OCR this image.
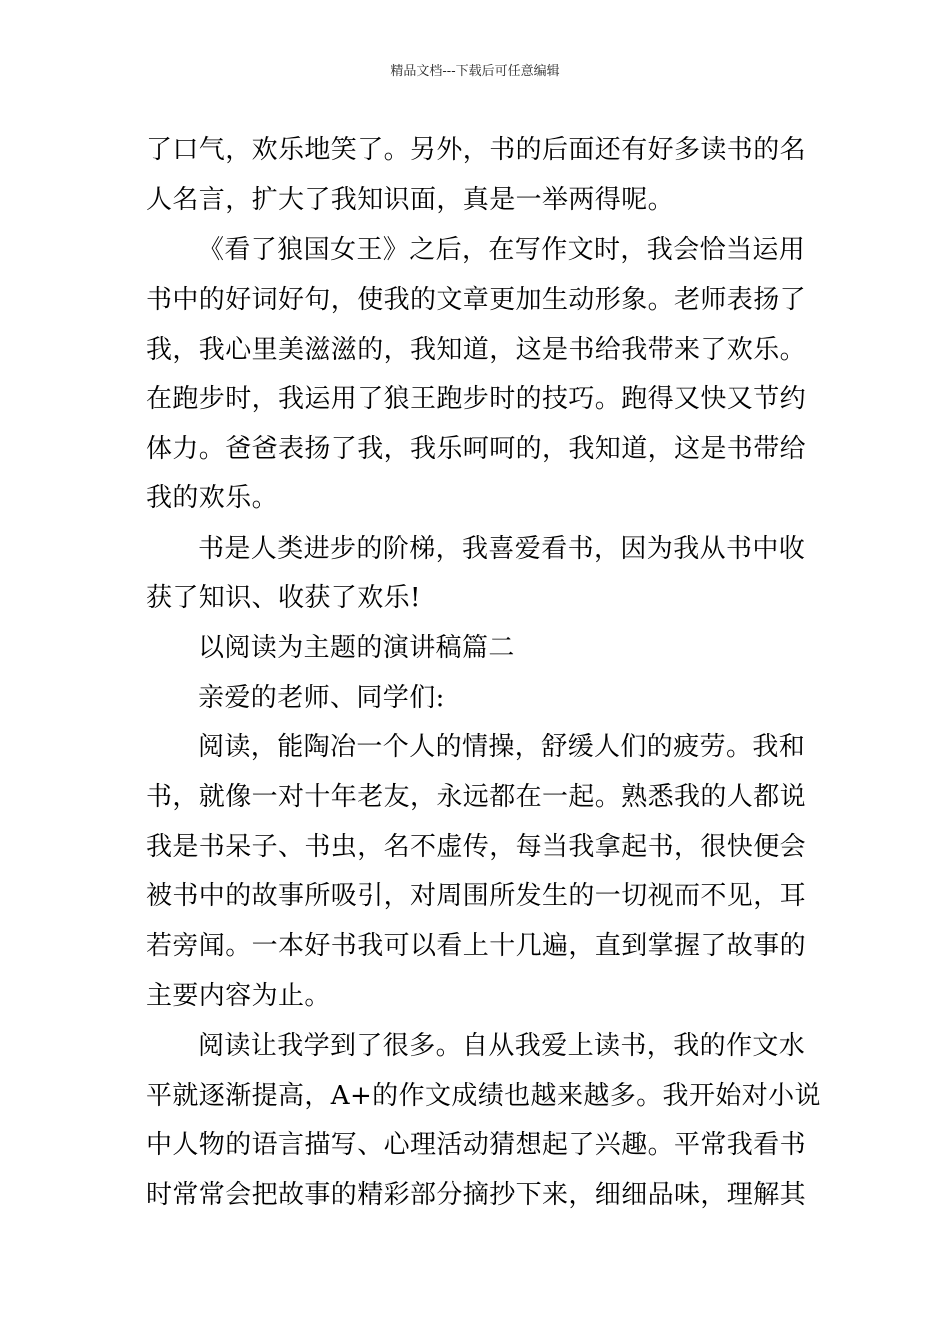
精品文档---下载后可任意编辑
了口气，欢乐地笑了。另外，书的后面还有好多读书的名
人名言，扩大了我知识面，真是一举两得呢。
《看了狼国女王》之后，在写作文时，我会恰当运用
书中的好词好句，使我的文章更加生动形象。老师表扬了
我，我心里美滋滋的，我知道，这是书给我带来了欢乐。
在跑步时，我运用了狼王跑步时的技巧。跑得又快又节约
体力。爸爸表扬了我，我乐呵呵的，我知道，这是书带给
我的欢乐。
书是人类进步的阶梯，我喜爱看书，因为我从书中收
获了知识、收获了欢乐!
以阅读为主题的演讲稿篇二
亲爱的老师、同学们:
阅读，能陶冶一个人的情操，舒缓人们的疲劳。我和
书，就像一对十年老友，永远都在一起。熟悉我的人都说
我是书呆子、书虫，名不虚传，每当我拿起书，很快便会
被书中的故事所吸引，对周围所发生的一切视而不见，耳
若旁闻。一本好书我可以看上十几遍，直到掌握了故事的
主要内容为止。
阅读让我学到了很多。自从我爱上读书，我的作文水
平就逐渐提高，A+的作文成绩也越来越多。我开始对小说
中人物的语言描写、心理活动猜想起了兴趣。平常我看书
时常常会把故事的精彩部分摘抄下来，细细品味，理解其
